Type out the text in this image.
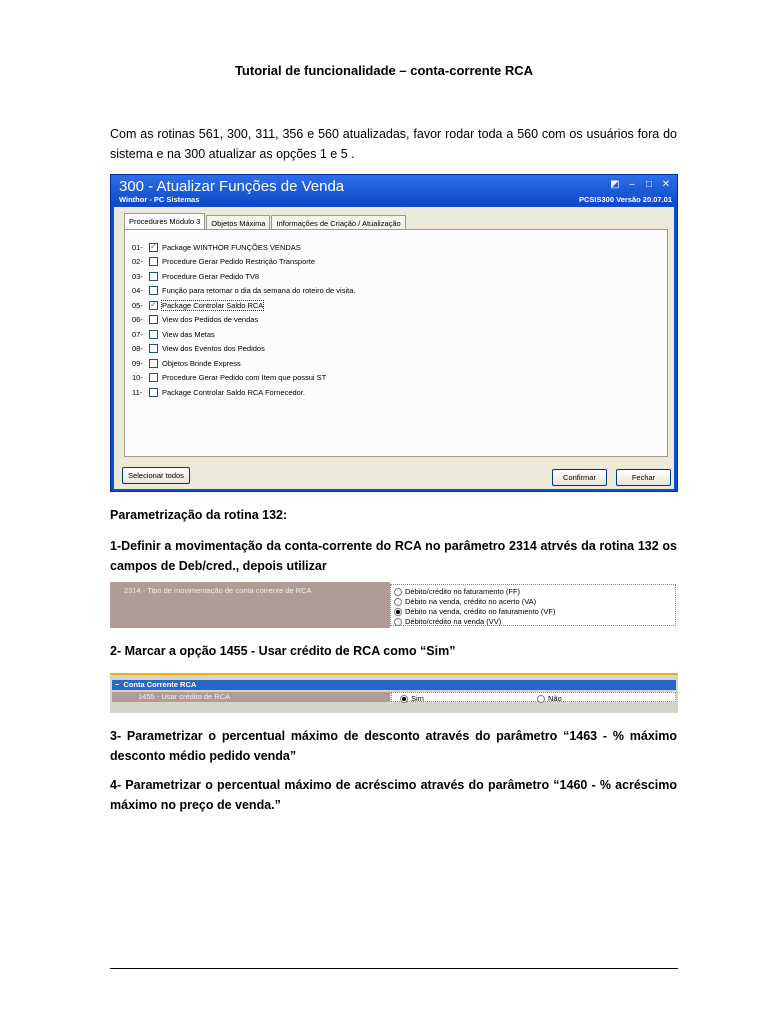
Tutorial de funcionalidade – conta-corrente RCA
Com as rotinas 561, 300, 311, 356 e 560 atualizadas, favor rodar toda a 560 com os usuários fora do sistema e na 300 atualizar as opções 1 e 5 .
300 - Atualizar Funções de Venda
Winthor - PC Sistemas	PCSIS300 Versão 20.07.01
◩ – □ ✕
Procedures Módulo 3	Objetos Máxima	Informações de Criação / Atualização
01- ✓ Package WINTHOR FUNÇÕES VENDAS
02-	Procedure Gerar Pedido Restrição Transporte
03-	Procedure Gerar Pedido TV8
04-	Função para retornar o dia da semana do roteiro de visita.
05- ✓ Package Controlar Saldo RCA
06-	View dos Pedidos de vendas
07-	View das Metas
08-	View dos Eventos dos Pedidos
09-	Objetos Brinde Express
10-	Procedure Gerar Pedido com Item que possui ST
11-	Package Controlar Saldo RCA Fornecedor.
Selecionar todos	Confirmar	Fechar
Parametrização da rotina 132:
1-Definir a movimentação da conta-corrente do RCA no parâmetro 2314 atrvés da rotina 132 os campos de Deb/cred., depois utilizar
2314 - Tipo de movimentação de conta corrente de RCA	Débito/crédito no faturamento (FF)
Débito na venda, crédito no acerto (VA)
Débito na venda, crédito no faturamento (VF)
Débito/crédito na venda (VV)
2- Marcar a opção 1455 - Usar crédito de RCA como “Sim”
− Conta Corrente RCA
1455 - Usar crédito de RCA	Sim	Não
3- Parametrizar o percentual máximo de desconto através do parâmetro “1463 - % máximo desconto médio pedido venda”
4- Parametrizar o percentual máximo de acréscimo através do parâmetro “1460 - % acréscimo máximo no preço de venda.”
